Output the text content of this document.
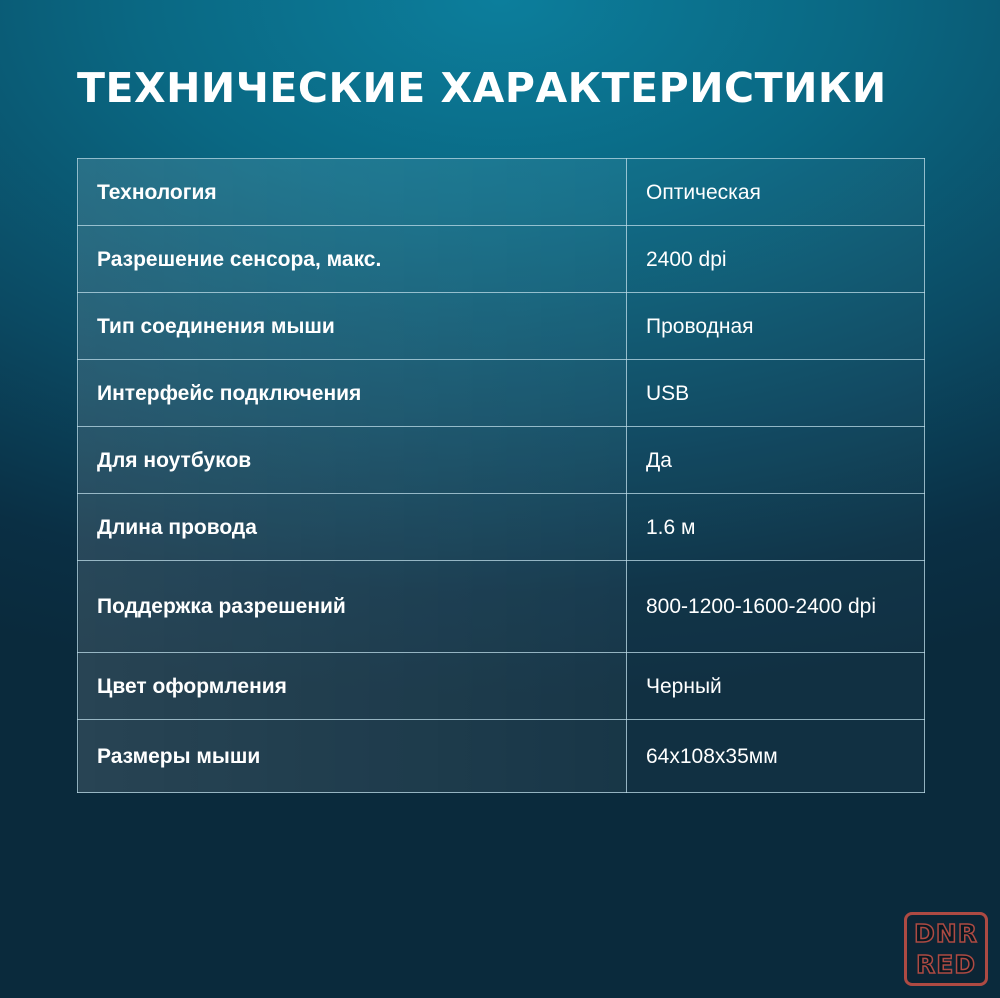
ТЕХНИЧЕСКИЕ ХАРАКТЕРИСТИКИ
Технология	Оптическая
Разрешение сенсора, макс.	2400 dpi
Тип соединения мыши	Проводная
Интерфейс подключения	USB
Для ноутбуков	Да
Длина провода	1.6 м
Поддержка разрешений	800-1200-1600-2400 dpi
Цвет оформления	Черный
Размеры мыши	64x108x35мм
DNR
RED
